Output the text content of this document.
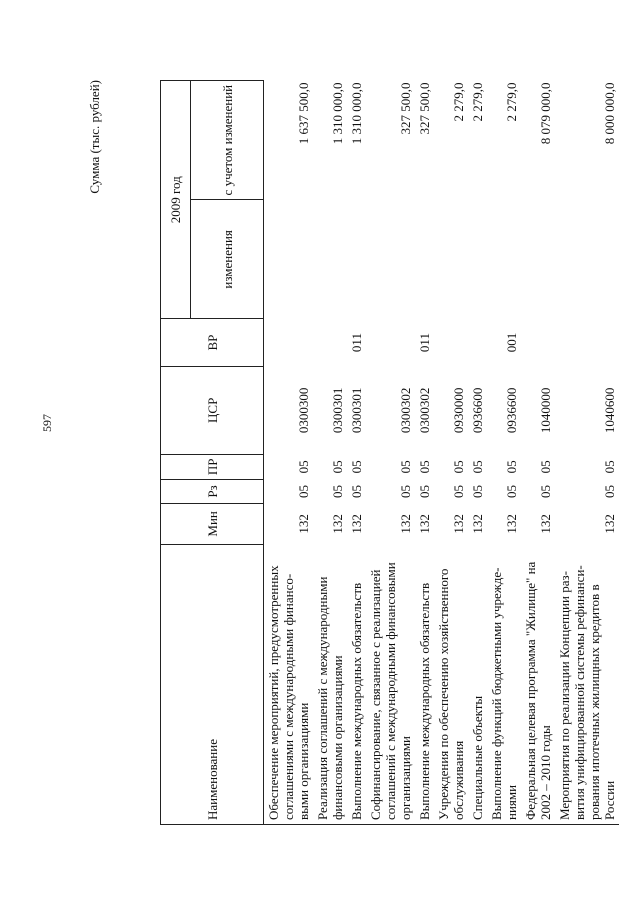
597
Сумма (тыс. рублей)
Наименование	Мин	Рз	ПР	ЦСР	ВР	2009 год	
						изменения	с учетом изменений
Обеспечение мероприятий, предусмотренных соглашениями с международными финансо-выми организациями	132	05	05	0300300			1 637 500,0
Реализация соглашений с международными финансовыми организациями	132	05	05	0300301			1 310 000,0
Выполнение международных обязательств	132	05	05	0300301	011		1 310 000,0
Софинансирование, связанное с реализацией соглашений с международными финансовыми организациями	132	05	05	0300302			327 500,0
Выполнение международных обязательств	132	05	05	0300302	011		327 500,0
Учреждения по обеспечению хозяйственного обслуживания	132	05	05	0930000			2 279,0
Специальные объекты	132	05	05	0936600			2 279,0
Выполнение функций бюджетными учрежде-ниями	132	05	05	0936600	001		2 279,0
Федеральная целевая программа "Жилище" на 2002 – 2010 годы	132	05	05	1040000			8 079 000,0
Мероприятия по реализации Концепции раз-вития унифицированной системы рефинанси-рования ипотечных жилищных кредитов в России	132	05	05	1040600			8 000 000,0
